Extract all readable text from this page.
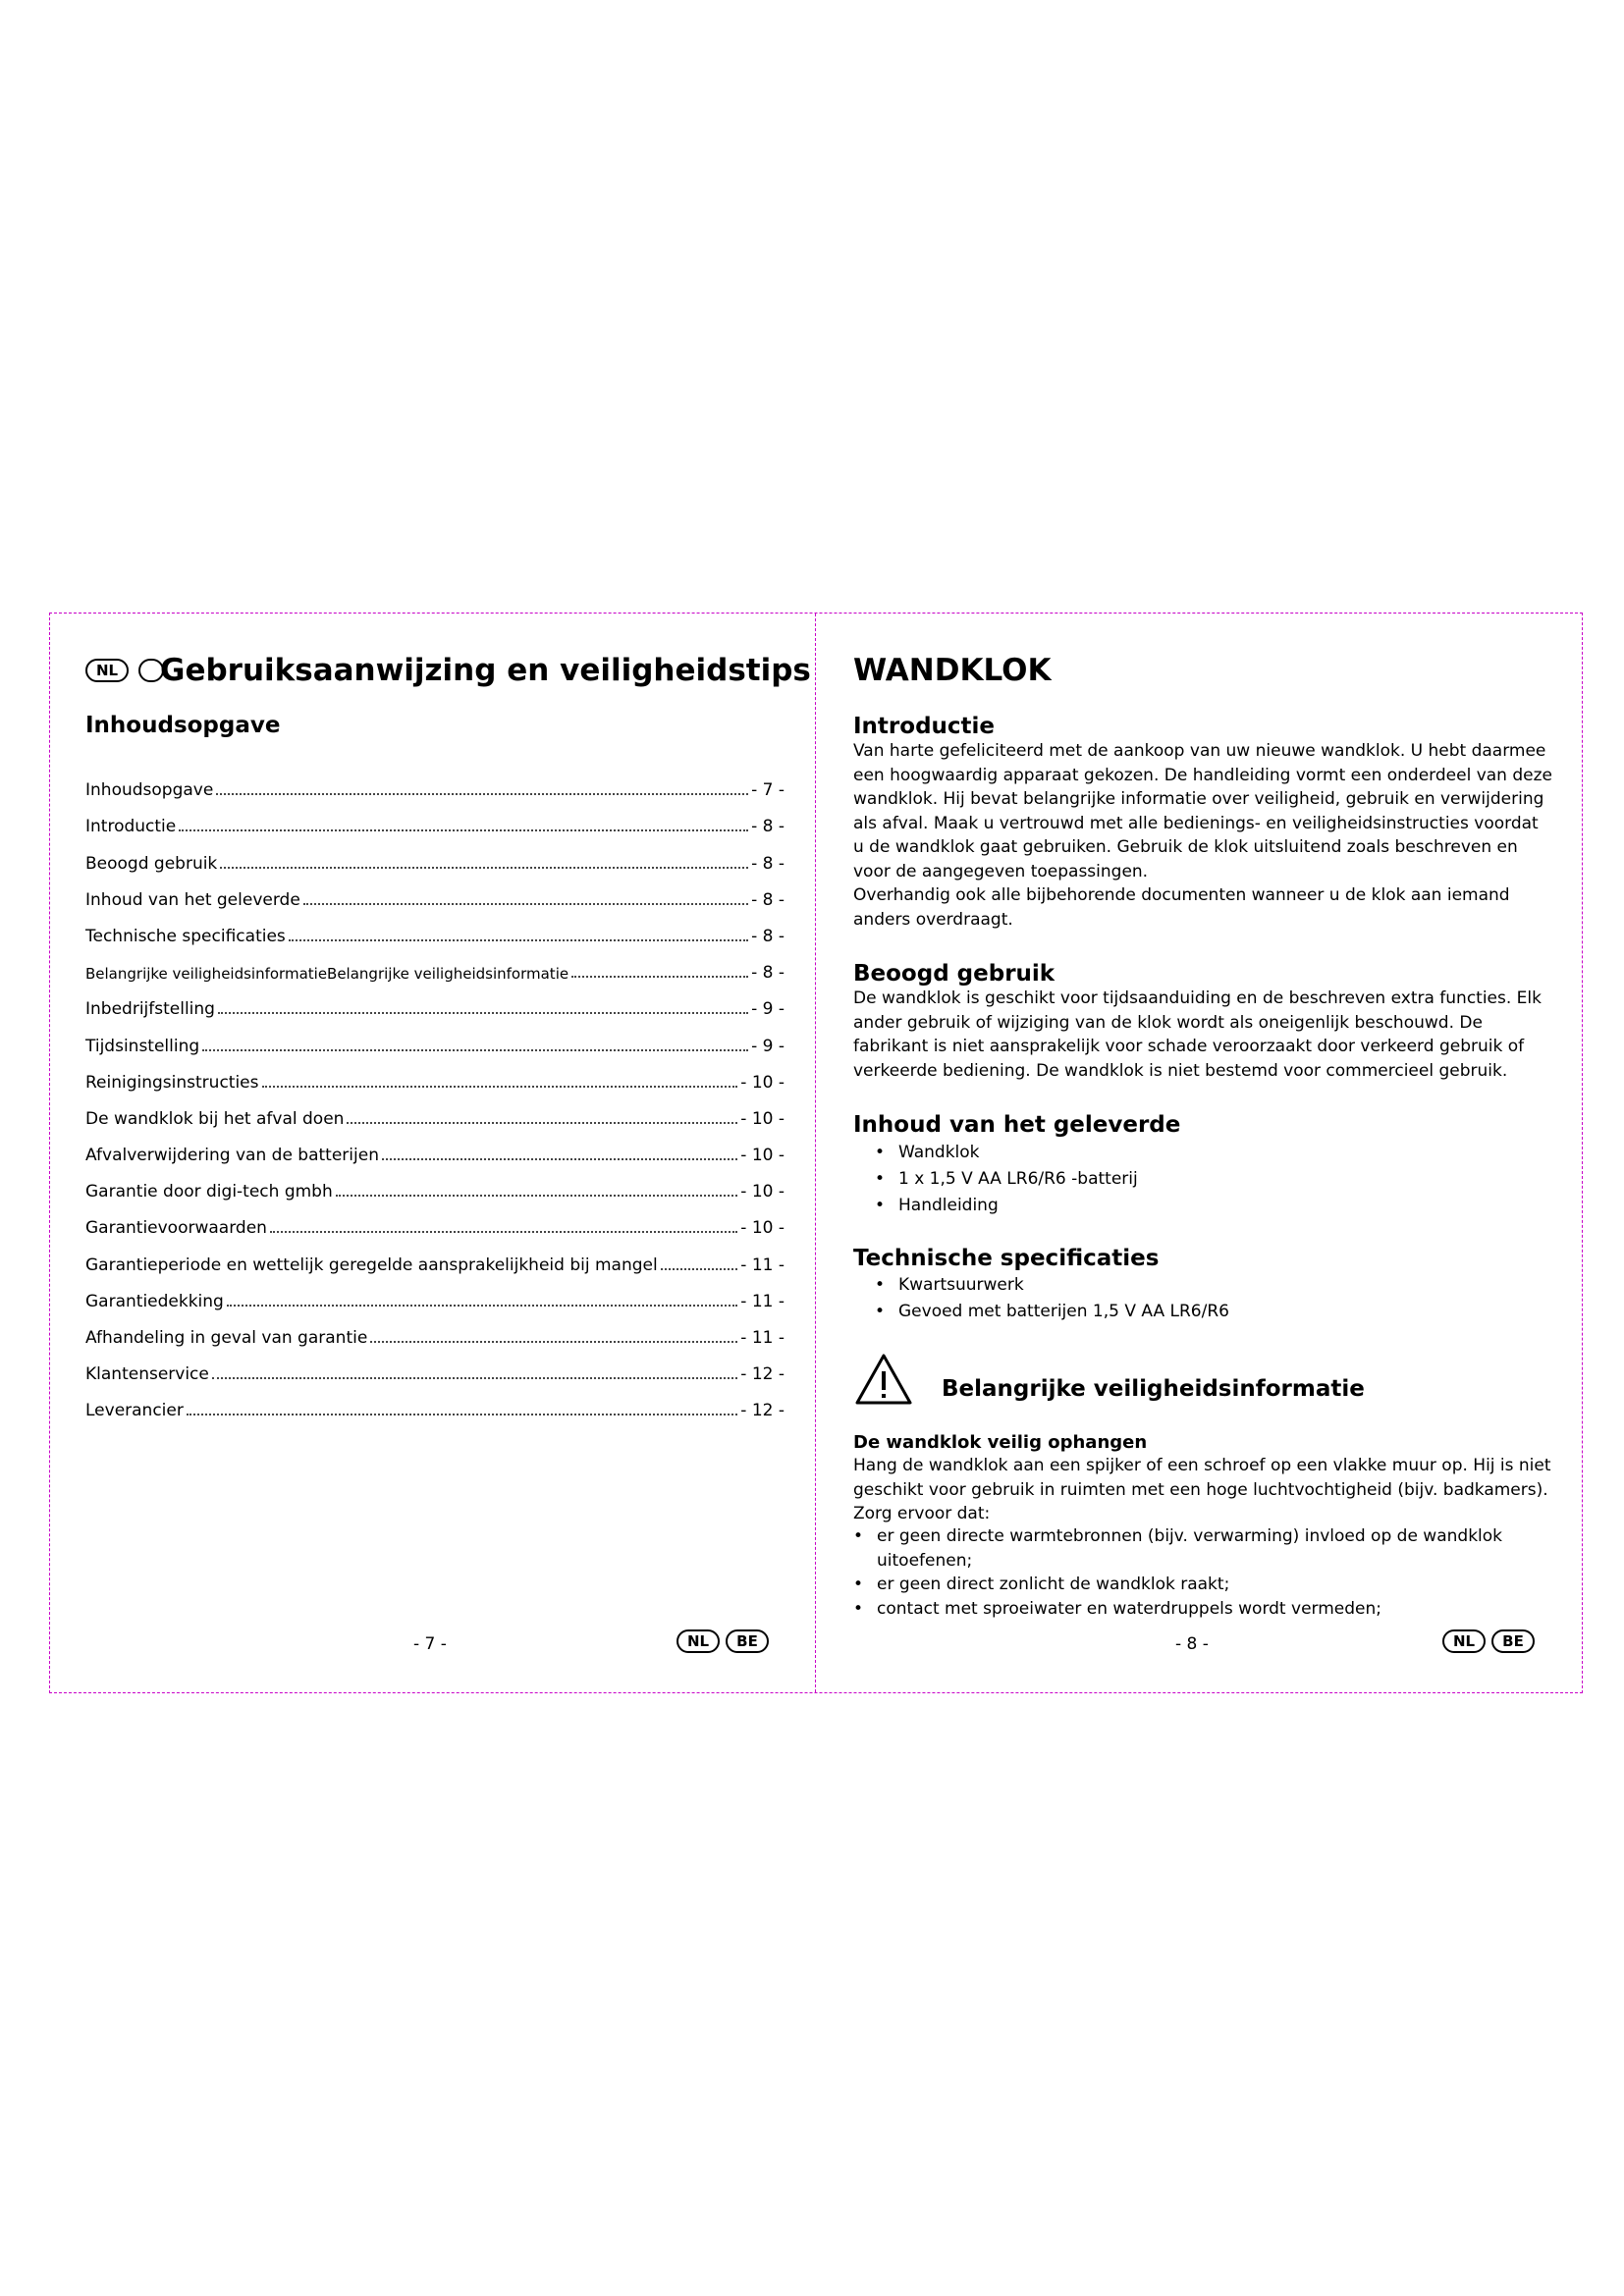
NL	Gebruiksaanwijzing en veiligheidstips
Inhoudsopgave
Inhoudsopgave	- 7 -
Introductie	- 8 -
Beoogd gebruik	- 8 -
Inhoud van het geleverde	- 8 -
Technische specificaties	- 8 -
Belangrijke veiligheidsinformatieBelangrijke veiligheidsinformatie	- 8 -
Inbedrijfstelling	- 9 -
Tijdsinstelling	- 9 -
Reinigingsinstructies	- 10 -
De wandklok bij het afval doen	- 10 -
Afvalverwijdering van de batterijen	- 10 -
Garantie door digi-tech gmbh	- 10 -
Garantievoorwaarden	- 10 -
Garantieperiode en wettelijk geregelde aansprakelijkheid bij mangel	- 11 -
Garantiedekking	- 11 -
Afhandeling in geval van garantie	- 11 -
Klantenservice	- 12 -
Leverancier	- 12 -
- 7 -	NL	BE
WANDKLOK
Introductie

Van harte gefeliciteerd met de aankoop van uw nieuwe wandklok. U hebt daarmee een hoogwaardig apparaat gekozen. De handleiding vormt een onderdeel van deze wandklok. Hij bevat belangrijke informatie over veiligheid, gebruik en verwijdering als afval. Maak u vertrouwd met alle bedienings- en veiligheidsinstructies voordat u de wandklok gaat gebruiken. Gebruik de klok uitsluitend zoals beschreven en voor de aangegeven toepassingen.

Overhandig ook alle bijbehorende documenten wanneer u de klok aan iemand anders overdraagt.

Beoogd gebruik

De wandklok is geschikt voor tijdsaanduiding en de beschreven extra functies. Elk ander gebruik of wijziging van de klok wordt als oneigenlijk beschouwd. De fabrikant is niet aansprakelijk voor schade veroorzaakt door verkeerd gebruik of verkeerde bediening. De wandklok is niet bestemd voor commercieel gebruik.

Inhoud van het geleverde
• Wandklok
• 1 x 1,5 V AA LR6/R6 -batterij
• Handleiding
Technische specificaties
• Kwartsuurwerk
• Gevoed met batterijen 1,5 V AA LR6/R6
Belangrijke veiligheidsinformatie

De wandklok veilig ophangen

Hang de wandklok aan een spijker of een schroef op een vlakke muur op. Hij is niet geschikt voor gebruik in ruimten met een hoge luchtvochtigheid (bijv. badkamers). Zorg ervoor dat:

• er geen directe warmtebronnen (bijv. verwarming) invloed op de wandklok uitoefenen;
• er geen direct zonlicht de wandklok raakt;
• contact met sproeiwater en waterdruppels wordt vermeden;
- 8 -	NL	BE
